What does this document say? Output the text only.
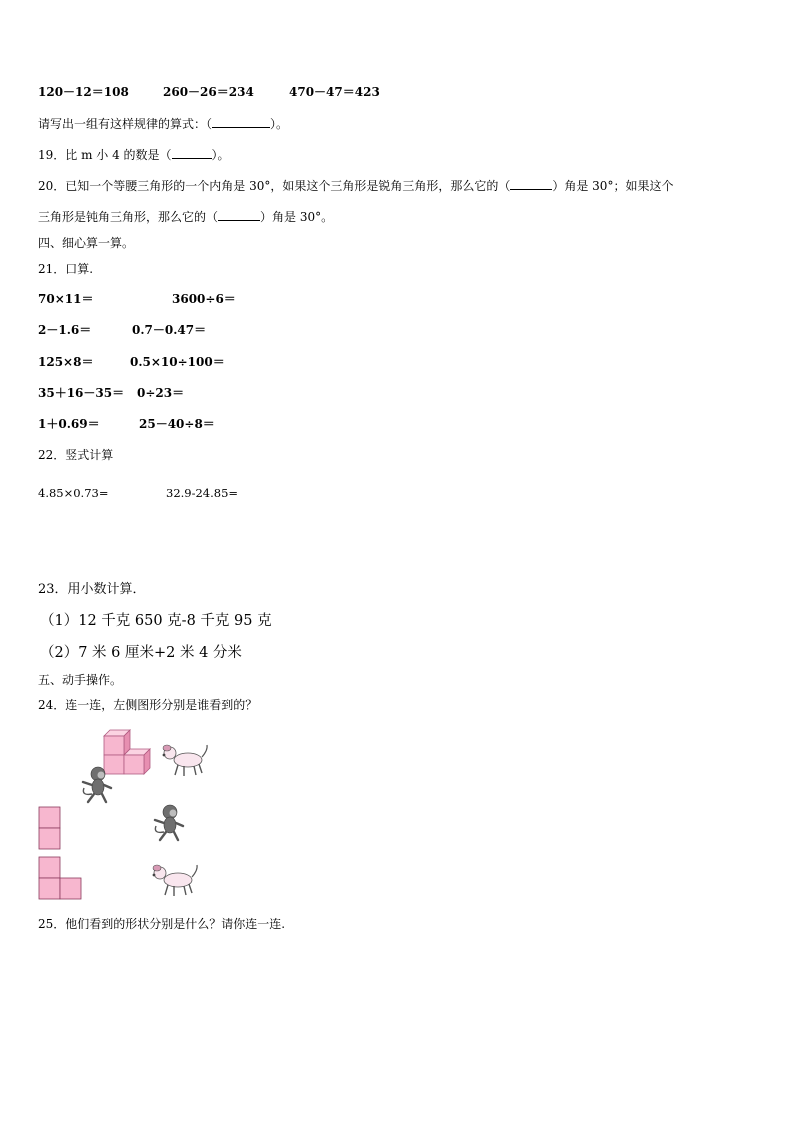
120－12＝108	260－26＝234	470－47＝423
请写出一组有这样规律的算式：（	）。
19．比 m 小 4 的数是（	）。
20．已知一个等腰三角形的一个内角是 30°，如果这个三角形是锐角三角形，那么它的（	）角是 30°；如果这个
三角形是钝角三角形，那么它的（	）角是 30°。
四、细心算一算。
21．口算.
70×11＝	3600÷6＝
2－1.6＝	0.7－0.47＝
125×8＝	0.5×10÷100＝
35＋16－35＝ 0÷23＝
1＋0.69＝	25－40÷8＝
22．竖式计算
4.85×0.73=	32.9-24.85=
23．用小数计算．
（1）12 千克 650 克-8 千克 95 克
（2）7 米 6 厘米+2 米 4 分米
五、动手操作。
24．连一连，左侧图形分别是谁看到的？
25．他们看到的形状分别是什么？请你连一连.
